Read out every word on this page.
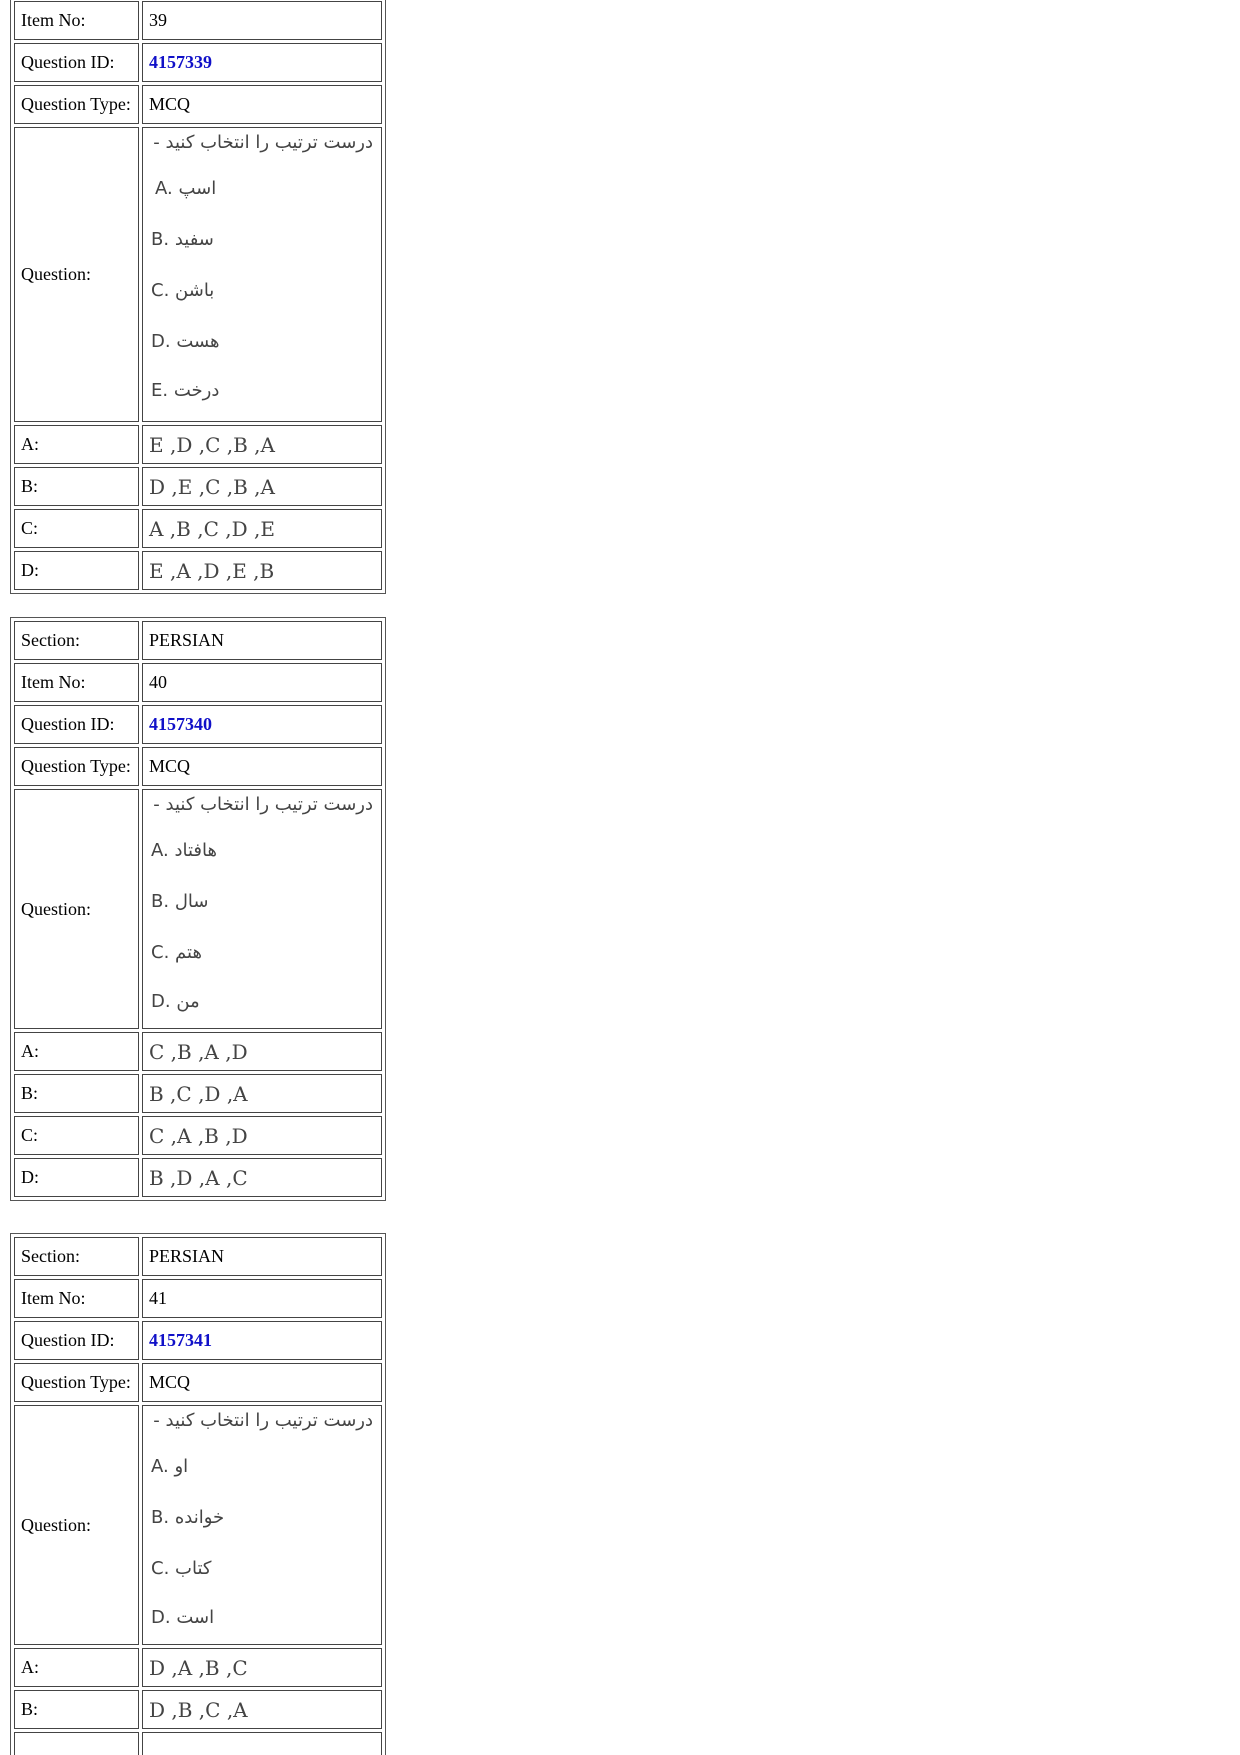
Item No:	39
Question ID:	4157339
Question Type:	MCQ
Question:
درست ترتیب را انتخاب کنید -
A.
اسپ
B.
سفید
C.
باشن
D.
هست
E.
درخت
A:	E ,D ,C ,B ,A
B:	D ,E ,C ,B ,A
C:	A ,B ,C ,D ,E
D:	E ,A ,D ,E ,B
Section:	PERSIAN
Item No:	40
Question ID:	4157340
Question Type:	MCQ
Question:
درست ترتیب را انتخاب کنید -
A.
هافتاد
B.
سال
C.
هتم
D.
من
A:	C ,B ,A ,D
B:	B ,C ,D ,A
C:	C ,A ,B ,D
D:	B ,D ,A ,C
Section:	PERSIAN
Item No:	41
Question ID:	4157341
Question Type:	MCQ
Question:
درست ترتیب را انتخاب کنید -
A.
او
B.
خوانده
C.
کتاب
D.
است
A:	D ,A ,B ,C
B:	D ,B ,C ,A
